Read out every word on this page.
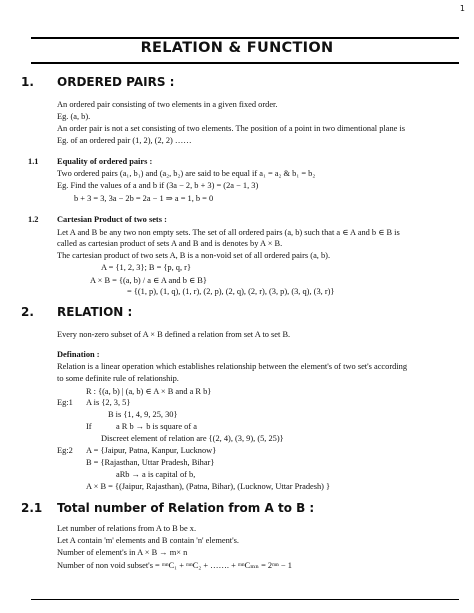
1
RELATION & FUNCTION
1. ORDERED PAIRS :
An ordered pair consisting of two elements in a given fixed order.
Eg. (a, b).
An order pair is not a set consisting of two elements. The position of a point in two dimentional plane is
Eg. of an ordered pair (1, 2), (2, 2) ……
1.1 Equality of ordered pairs :
Two ordered pairs (a₁, b₁) and (a₂, b₂) are said to be equal if a₁ = a₂ & b₁ = b₂
Eg. Find the values of a and b if (3a − 2, b + 3) = (2a − 1, 3)
b + 3 = 3, 3a − 2b = 2a − 1 ⇒ a = 1, b = 0
1.2 Cartesian Product of two sets :
Let A and B be any two non empty sets. The set of all ordered pairs (a, b) such that a ∈ A and b ∈ B is
called as cartesian product of sets A and B and is denotes by A × B.
The cartesian product of two sets A, B is a non-void set of all ordered pairs (a, b).
A = {1, 2, 3}; B = {p, q, r}
A × B = {(a, b) / a ∈ A and b ∈ B}
= {(1, p), (1, q), (1, r), (2, p), (2, q), (2, r), (3, p), (3, q), (3, r)}
2. RELATION :
Every non-zero subset of A × B defined a relation from set A to set B.
Defination :
Relation is a linear operation which establishes relationship between the element's of two set's according
to some definite rule of relationship.
R : {(a, b) | (a, b) ∈ A × B and a R b}
Eg:1 A is {2, 3, 5}
B is {1, 4, 9, 25, 30}
If	a R b → b is square of a
Discreet element of relation are {(2, 4), (3, 9), (5, 25)}
Eg:2 A = {Jaipur, Patna, Kanpur, Lucknow}
B = {Rajasthan, Uttar Pradesh, Bihar}
aRb → a is capital of b,
A × B = {(Jaipur, Rajasthan), (Patna, Bihar), (Lucknow, Uttar Pradesh) }
2.1 Total number of Relation from A to B :
Let number of relations from A to B be x.
Let A contain 'm' elements and B contain 'n' element's.
Number of element's in A × B → m× n
Number of non void subset's = ᵐⁿC₁ + ᵐⁿC₂ + ……. + ᵐⁿCₘₙ = 2ᵐⁿ − 1
